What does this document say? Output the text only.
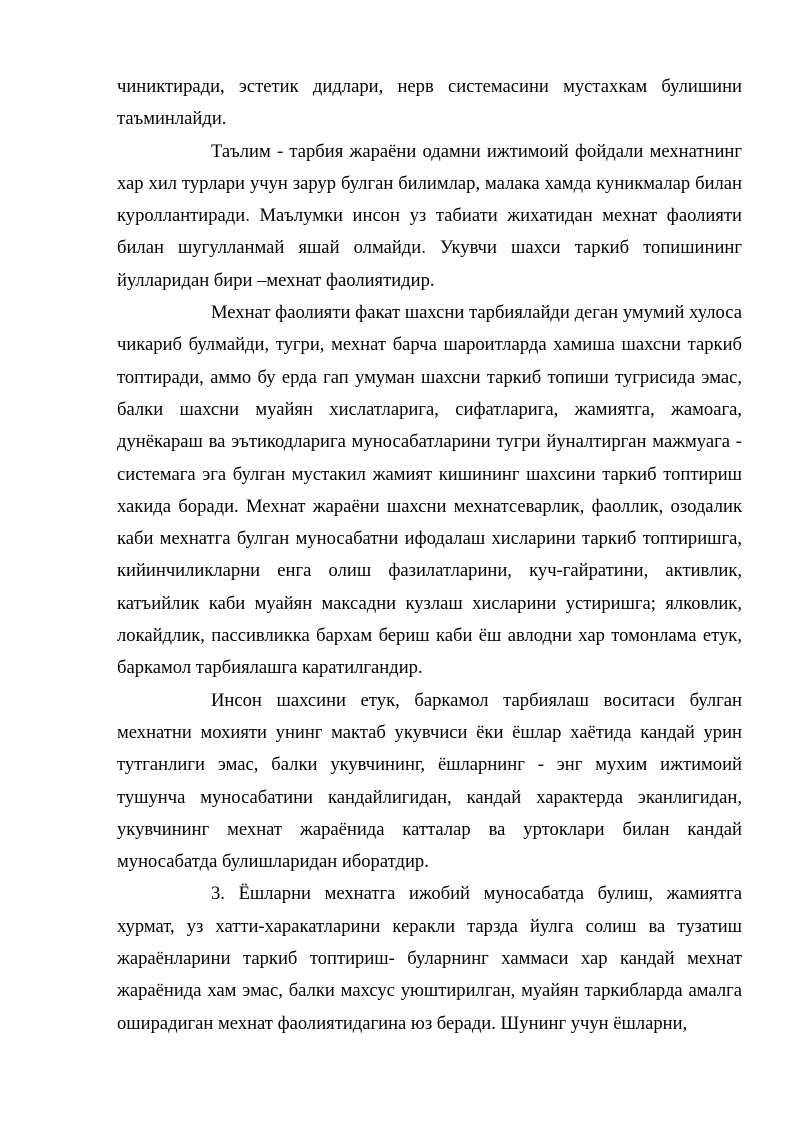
чиниктиради, эстетик дидлари, нерв системасини мустахкам булишини таъминлайди.

Таълим - тарбия жараёни одамни ижтимоий фойдали мехнатнинг хар хил турлари учун зарур булган билимлар, малака хамда куникмалар билан куроллантиради. Маълумки инсон уз табиати жихатидан мехнат фаолияти билан шугулланмай яшай олмайди. Укувчи шахси таркиб топишининг йулларидан бири –мехнат фаолиятидир.

Мехнат фаолияти факат шахсни тарбиялайди деган умумий хулоса чикариб булмайди, тугри, мехнат барча шароитларда хамиша шахсни таркиб топтиради, аммо бу ерда гап умуман шахсни таркиб топиши тугрисида эмас, балки шахсни муайян хислатларига, сифатларига, жамиятга, жамоага, дунёкараш ва эътикодларига муносабатларини тугри йуналтирган мажмуага - системага эга булган мустакил жамият кишининг шахсини таркиб топтириш хакида боради. Мехнат жараёни шахсни мехнатсеварлик, фаоллик, озодалик каби мехнатга булган муносабатни ифодалаш хисларини таркиб топтиришга, кийинчиликларни енга олиш фазилатларини, куч-гайратини, активлик, катъийлик каби муайян максадни кузлаш хисларини устиришга; ялковлик, локайдлик, пассивликка бархам бериш каби ёш авлодни хар томонлама етук, баркамол тарбиялашга каратилгандир.

Инсон шахсини етук, баркамол тарбиялаш воситаси булган мехнатни мохияти унинг мактаб укувчиси ёки ёшлар хаётида кандай урин тутганлиги эмас, балки укувчининг, ёшларнинг - энг мухим ижтимоий тушунча муносабатини кандайлигидан, кандай характерда эканлигидан, укувчининг мехнат жараёнида катталар ва уртоклари билан кандай муносабатда булишларидан иборатдир.

3. Ёшларни мехнатга ижобий муносабатда булиш, жамиятга хурмат, уз хатти-харакатларини керакли тарзда йулга солиш ва тузатиш жараёнларини таркиб топтириш- буларнинг хаммаси хар кандай мехнат жараёнида хам эмас, балки махсус уюштирилган, муайян таркибларда амалга оширадиган мехнат фаолиятидагина юз беради. Шунинг учун ёшларни,
